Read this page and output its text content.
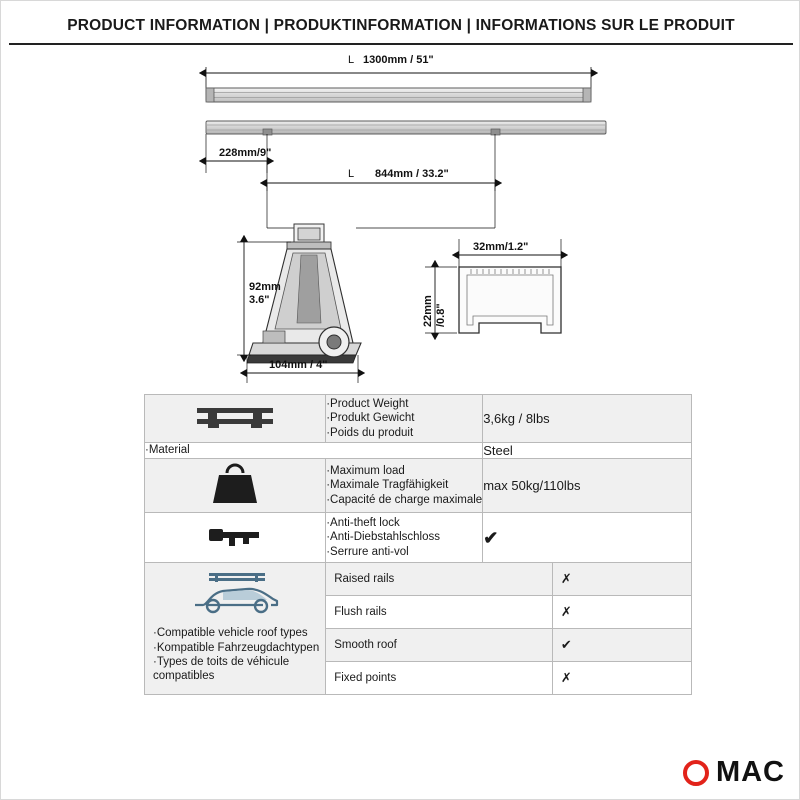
PRODUCT INFORMATION | PRODUKTINFORMATION | INFORMATIONS SUR LE PRODUIT
L 1300mm / 51"
228mm/9"
L 844mm / 33.2"
92mm
3.6"
104mm / 4"
32mm/1.2"
22mm /0.8"

·Product Weight
·Produkt Gewicht
·Poids du produit
	3,6kg / 8lbs

·Material	Steel

·Maximum load
·Maximale Tragfähigkeit
·Capacité de charge maximale
	max 50kg/110lbs

·Anti-theft lock
·Anti-Diebstahlschloss
·Serrure anti-vol
	✔

·Compatible vehicle roof types
·Kompatible Fahrzeugdachtypen
·Types de toits de véhicule compatibles

Raised rails	✗
Flush rails	✗
Smooth roof	✔
Fixed points	✗
MAC
